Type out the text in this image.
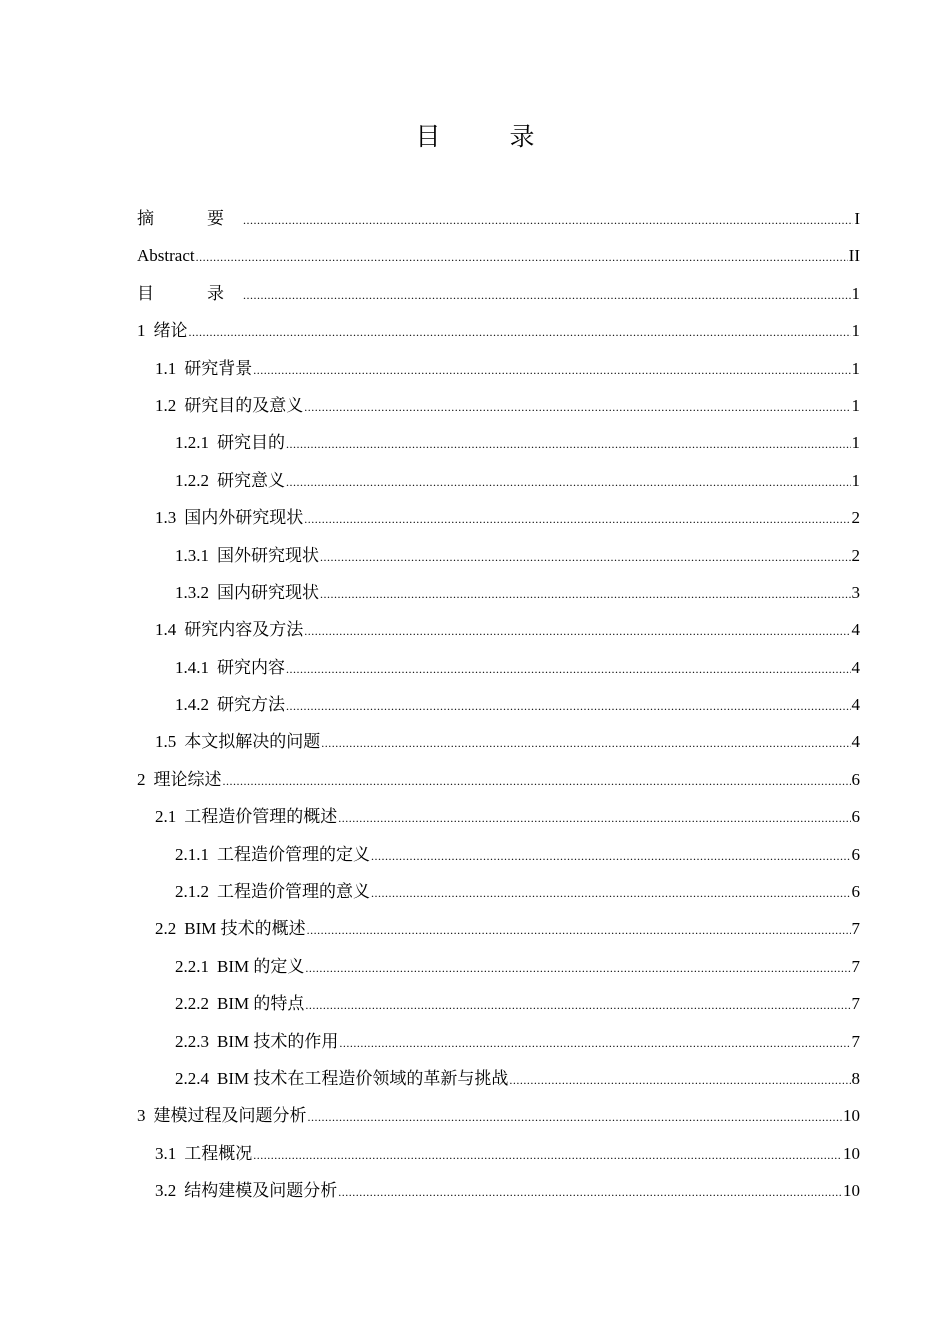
目　录
摘　要 .....	I
Abstract .....	II
目　录 .....	1
1 绪论 .....	1
1.1 研究背景 .....	1
1.2 研究目的及意义 .....	1
1.2.1 研究目的 .....	1
1.2.2 研究意义 .....	1
1.3 国内外研究现状 .....	2
1.3.1 国外研究现状 .....	2
1.3.2 国内研究现状 .....	3
1.4 研究内容及方法 .....	4
1.4.1 研究内容 .....	4
1.4.2 研究方法 .....	4
1.5 本文拟解决的问题 .....	4
2 理论综述 .....	6
2.1 工程造价管理的概述 .....	6
2.1.1 工程造价管理的定义 .....	6
2.1.2 工程造价管理的意义 .....	6
2.2 BIM 技术的概述 .....	7
2.2.1 BIM 的定义 .....	7
2.2.2 BIM 的特点 .....	7
2.2.3 BIM 技术的作用 .....	7
2.2.4 BIM 技术在工程造价领域的革新与挑战 .....	8
3 建模过程及问题分析 .....	10
3.1 工程概况 .....	10
3.2 结构建模及问题分析 .....	10
